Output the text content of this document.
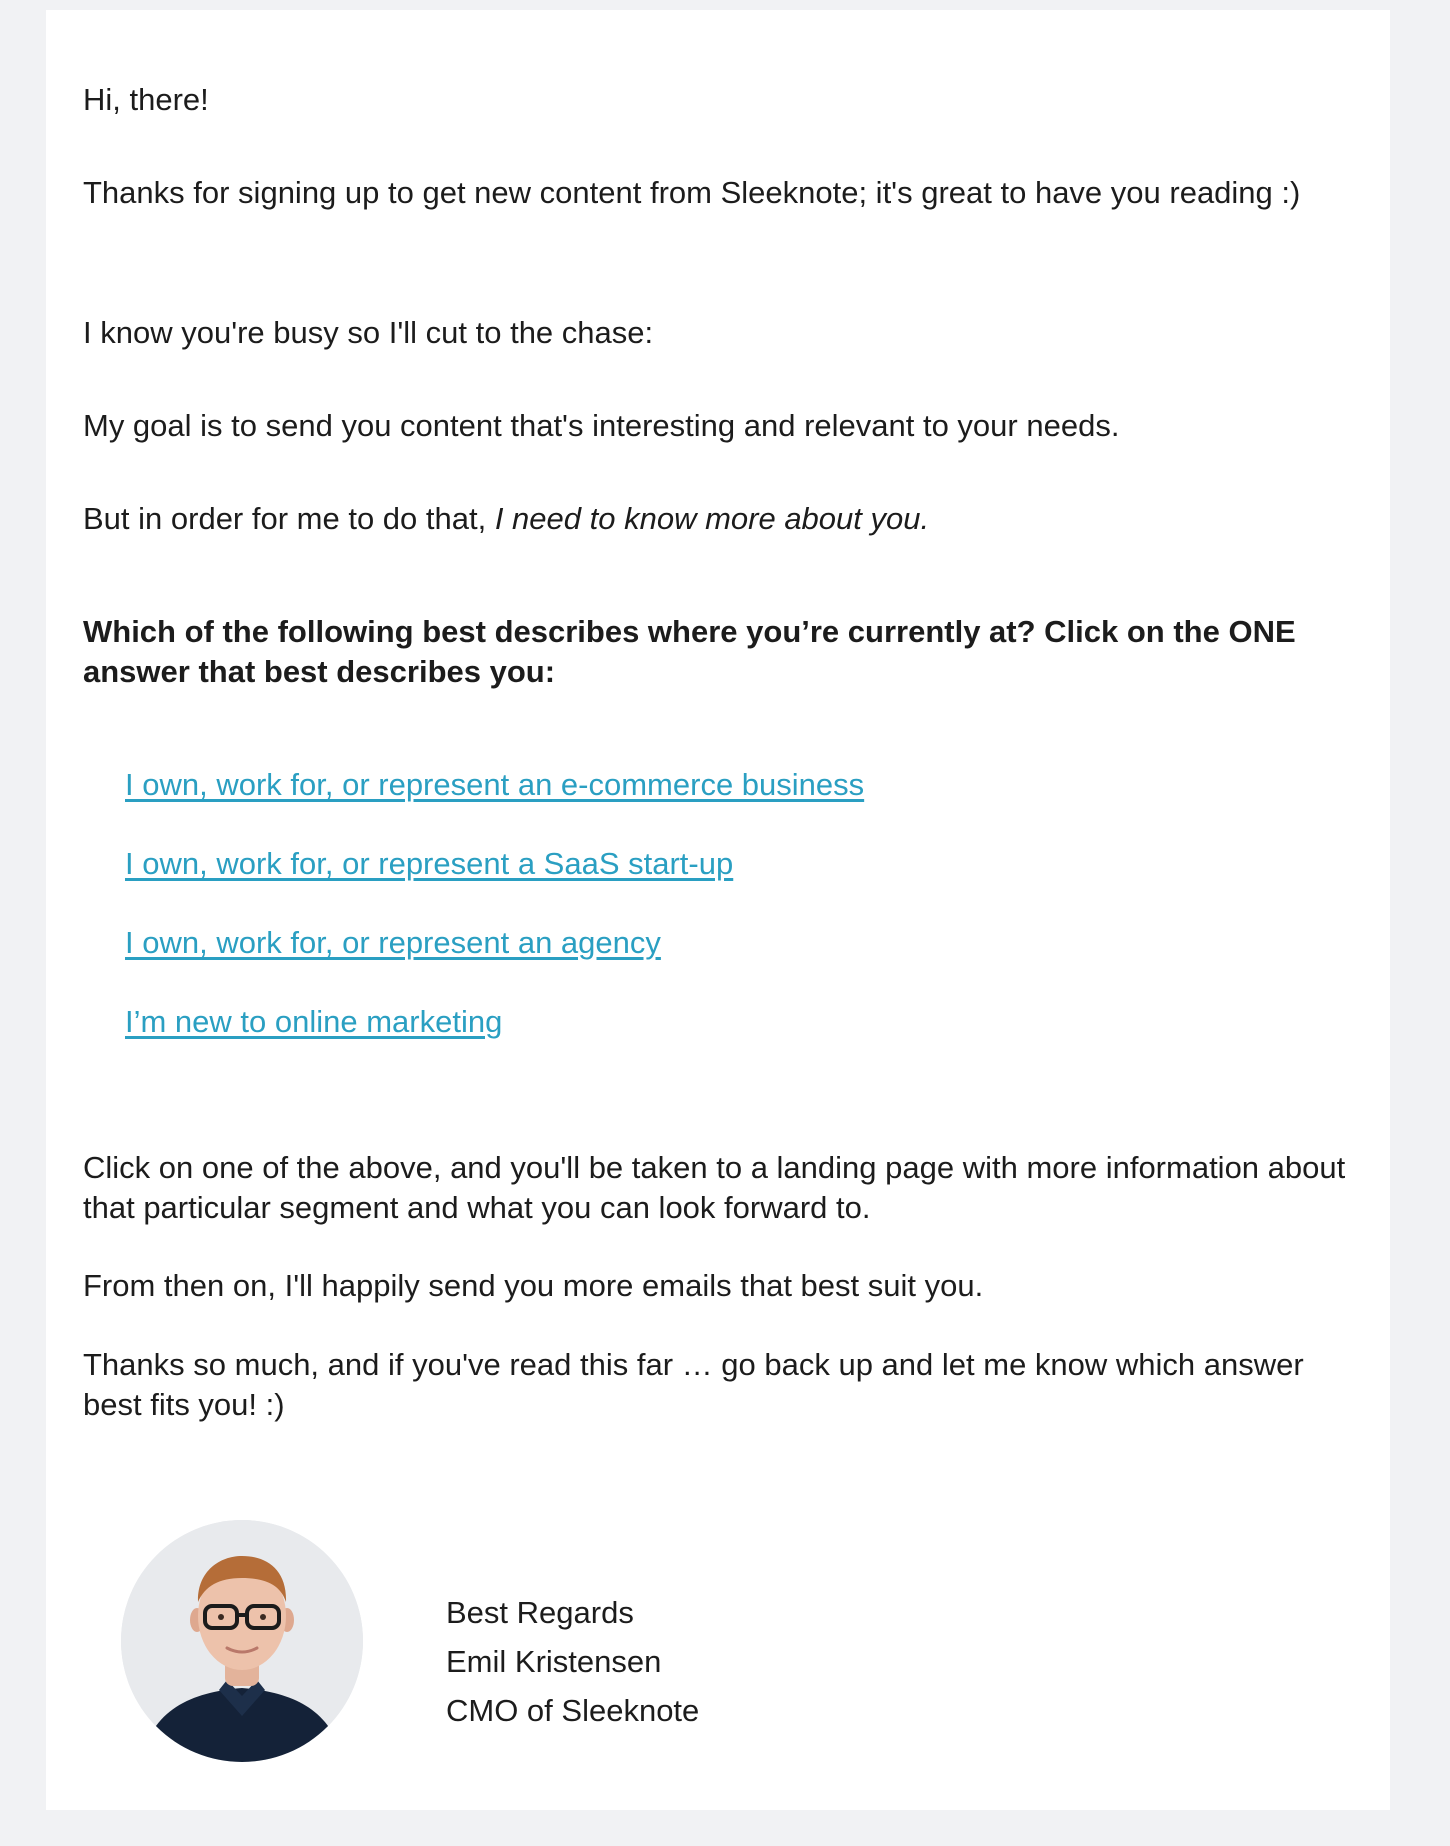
Hi, there!

Thanks for signing up to get new content from Sleeknote; it's great to have you reading :)

I know you're busy so I'll cut to the chase:

My goal is to send you content that's interesting and relevant to your needs.

But in order for me to do that, I need to know more about you.

Which of the following best describes where you’re currently at? Click on the ONE answer that best describes you:

I own, work for, or represent an e-commerce business
I own, work for, or represent a SaaS start-up
I own, work for, or represent an agency
I’m new to online marketing

Click on one of the above, and you'll be taken to a landing page with more information about that particular segment and what you can look forward to.

From then on, I'll happily send you more emails that best suit you.

Thanks so much, and if you've read this far … go back up and let me know which answer best fits you! :)

Best Regards
Emil Kristensen
CMO of Sleeknote
